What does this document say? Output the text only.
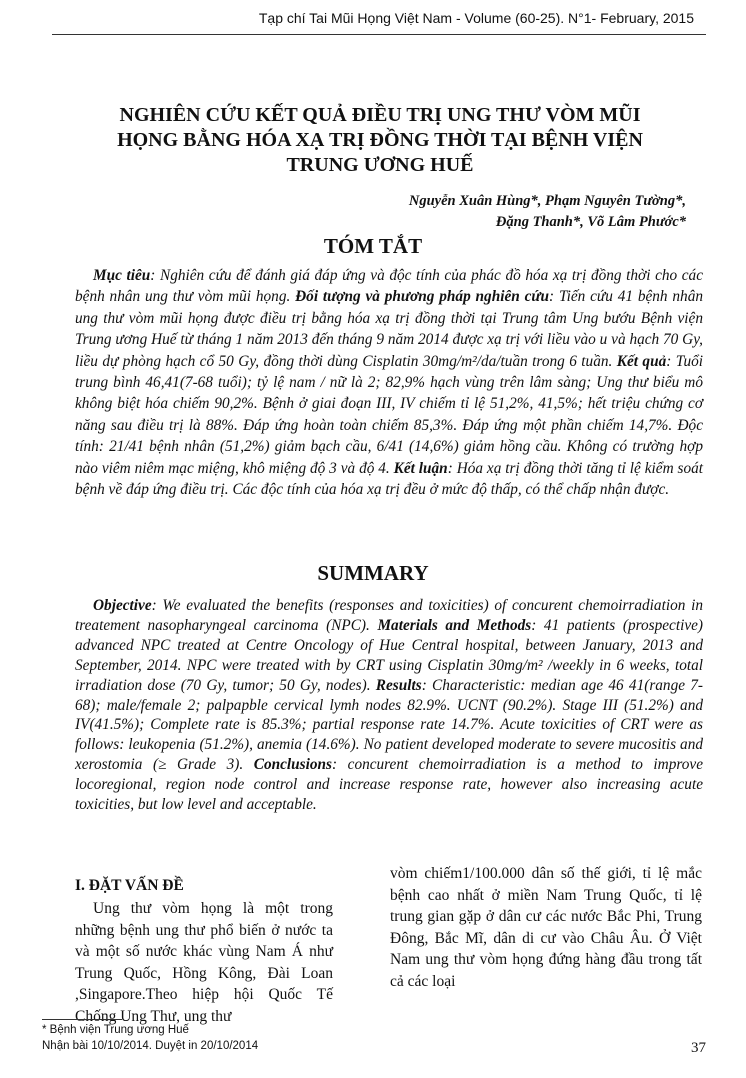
Tạp chí Tai Mũi Họng Việt Nam - Volume (60-25). N°1- February, 2015
NGHIÊN CỨU KẾT QUẢ ĐIỀU TRỊ UNG THƯ VÒM MŨI
HỌNG BẰNG HÓA XẠ TRỊ ĐỒNG THỜI TẠI BỆNH VIỆN
TRUNG ƯƠNG HUẾ
Nguyễn Xuân Hùng*, Phạm Nguyên Tường*,
Đặng Thanh*, Võ Lâm Phước*
TÓM TẮT
Mục tiêu: Nghiên cứu để đánh giá đáp ứng và độc tính của phác đồ hóa xạ trị đồng thời cho các bệnh nhân ung thư vòm mũi họng. Đối tượng và phương pháp nghiên cứu: Tiến cứu 41 bệnh nhân ung thư vòm mũi họng được điều trị bằng hóa xạ trị đồng thời tại Trung tâm Ung bướu Bệnh viện Trung ương Huế từ tháng 1 năm 2013 đến tháng 9 năm 2014 được xạ trị với liều vào u và hạch 70 Gy, liều dự phòng hạch cổ 50 Gy, đồng thời dùng Cisplatin 30mg/m²/da/tuần trong 6 tuần. Kết quả: Tuổi trung bình 46,41(7-68 tuổi); tỷ lệ nam / nữ là 2; 82,9% hạch vùng trên lâm sàng; Ung thư biểu mô không biệt hóa chiếm 90,2%. Bệnh ở giai đoạn III, IV chiếm tỉ lệ 51,2%, 41,5%; hết triệu chứng cơ năng sau điều trị là 88%. Đáp ứng hoàn toàn chiếm 85,3%. Đáp ứng một phần chiếm 14,7%. Độc tính: 21/41 bệnh nhân (51,2%) giảm bạch cầu, 6/41 (14,6%) giảm hồng cầu. Không có trường hợp nào viêm niêm mạc miệng, khô miệng độ 3 và độ 4. Kết luận: Hóa xạ trị đồng thời tăng tỉ lệ kiểm soát bệnh về đáp ứng điều trị. Các độc tính của hóa xạ trị đều ở mức độ thấp, có thể chấp nhận được.
SUMMARY
Objective: We evaluated the benefits (responses and toxicities) of concurent chemoirradiation in treatement nasopharyngeal carcinoma (NPC). Materials and Methods: 41 patients (prospective) advanced NPC treated at Centre Oncology of Hue Central hospital, between January, 2013 and September, 2014. NPC were treated with by CRT using Cisplatin 30mg/m² /weekly in 6 weeks, total irradiation dose (70 Gy, tumor; 50 Gy, nodes). Results: Characteristic: median age 46 41(range 7-68); male/female 2; palpapble cervical lymh nodes 82.9%. UCNT (90.2%). Stage III (51.2%) and IV(41.5%); Complete rate is 85.3%; partial response rate 14.7%. Acute toxicities of CRT were as follows: leukopenia (51.2%), anemia (14.6%). No patient developed moderate to severe mucositis and xerostomia (≥ Grade 3). Conclusions: concurent chemoirradiation is a method to improve locoregional, region node control and increase response rate, however also increasing acute toxicities, but low level and acceptable.
I. ĐẶT VẤN ĐỀ
Ung thư vòm họng là một trong những bệnh ung thư phổ biến ở nước ta và một số nước khác vùng Nam Á như Trung Quốc, Hồng Kông, Đài Loan ,Singapore.Theo hiệp hội Quốc Tế Chống Ung Thư, ung thư
vòm chiếm1/100.000 dân số thế giới, tỉ lệ mắc bệnh cao nhất ở miền Nam Trung Quốc, tỉ lệ trung gian gặp ở dân cư các nước Bắc Phi, Trung Đông, Bắc Mĩ, dân di cư vào Châu Âu. Ở Việt Nam ung thư vòm họng đứng hàng đầu trong tất cả các loại
* Bệnh viện Trung ương Huế
Nhận bài 10/10/2014. Duyệt in 20/10/2014	37
